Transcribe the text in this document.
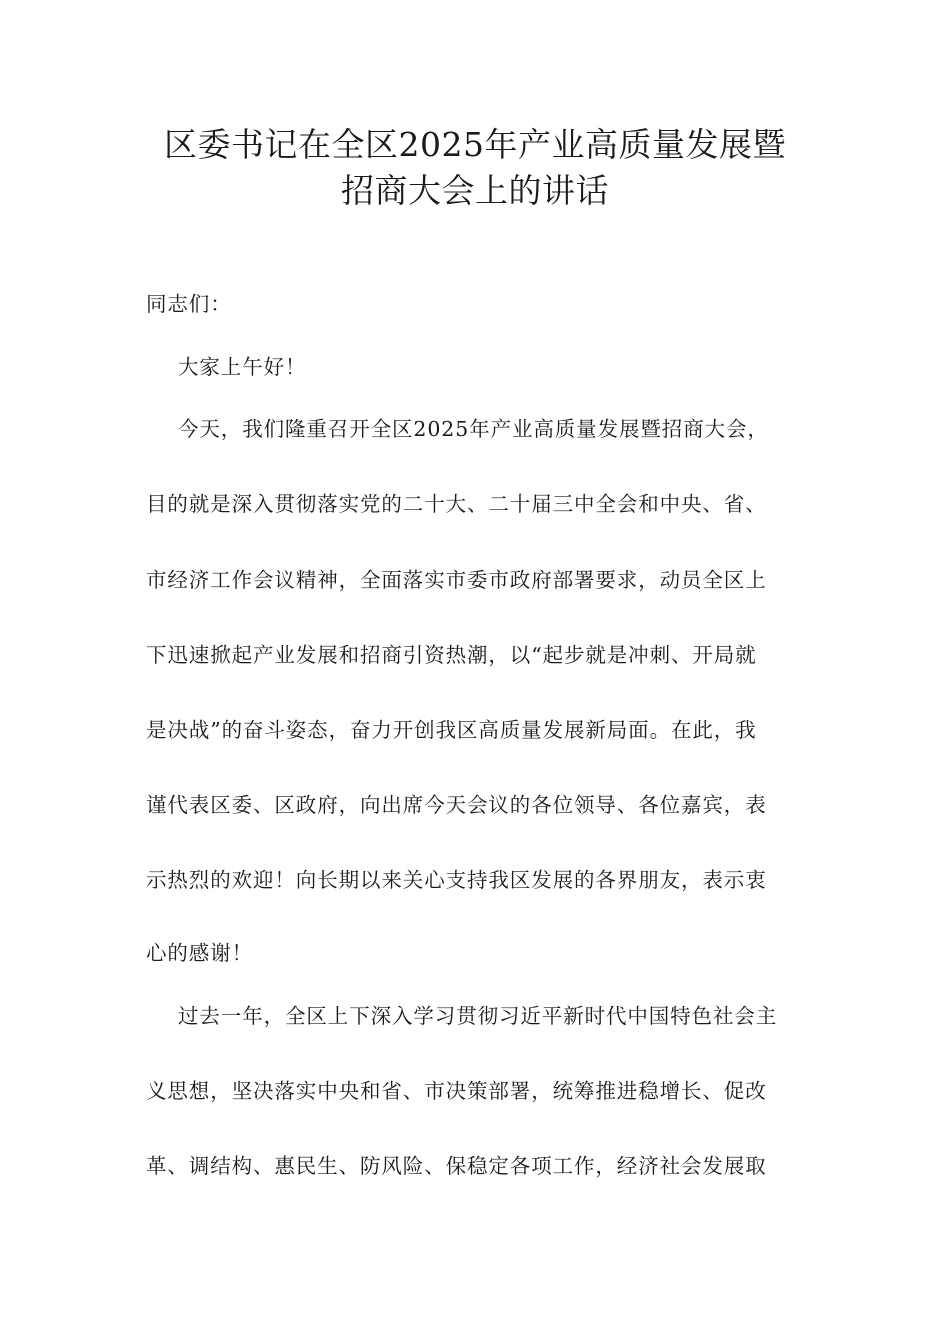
区委书记在全区2025年产业高质量发展暨
招商大会上的讲话
同志们：
大家上午好！
今天，我们隆重召开全区2025年产业高质量发展暨招商大会，
目的就是深入贯彻落实党的二十大、二十届三中全会和中央、省、
市经济工作会议精神，全面落实市委市政府部署要求，动员全区上
下迅速掀起产业发展和招商引资热潮，以“起步就是冲刺、开局就
是决战”的奋斗姿态，奋力开创我区高质量发展新局面。在此，我
谨代表区委、区政府，向出席今天会议的各位领导、各位嘉宾，表
示热烈的欢迎！向长期以来关心支持我区发展的各界朋友，表示衷
心的感谢！
过去一年，全区上下深入学习贯彻习近平新时代中国特色社会主
义思想，坚决落实中央和省、市决策部署，统筹推进稳增长、促改
革、调结构、惠民生、防风险、保稳定各项工作，经济社会发展取
